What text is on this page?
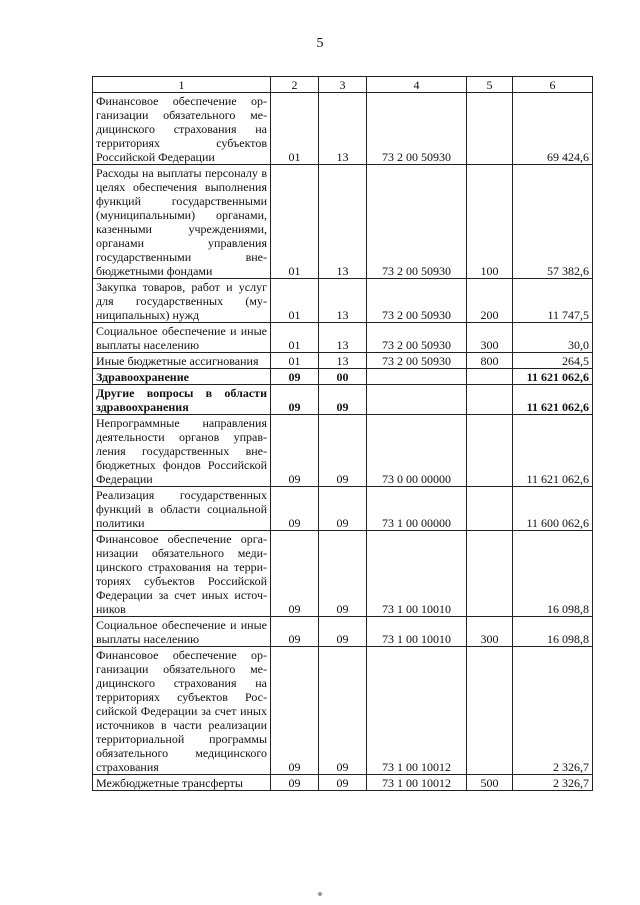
5
1	2	3	4	5	6
Финансовое обеспечение организации обязательного медицинского страхования на территориях субъектов Российской Федерации	01	13	73 2 00 50930		69 424,6
Расходы на выплаты персоналу в целях обеспечения выполнения функций государственными (муниципальными) органами, казенными учреждениями, органами управления государственными внебюджетными фондами	01	13	73 2 00 50930	100	57 382,6
Закупка товаров, работ и услуг для государственных (муниципальных) нужд	01	13	73 2 00 50930	200	11 747,5
Социальное обеспечение и иные выплаты населению	01	13	73 2 00 50930	300	30,0
Иные бюджетные ассигнования	01	13	73 2 00 50930	800	264,5
Здравоохранение	09	00			11 621 062,6
Другие вопросы в области здравоохранения	09	09			11 621 062,6
Непрограммные направления деятельности органов управления государственных внебюджетных фондов Российской Федерации	09	09	73 0 00 00000		11 621 062,6
Реализация государственных функций в области социальной политики	09	09	73 1 00 00000		11 600 062,6
Финансовое обеспечение организации обязательного медицинского страхования на территориях субъектов Российской Федерации за счет иных источников	09	09	73 1 00 10010		16 098,8
Социальное обеспечение и иные выплаты населению	09	09	73 1 00 10010	300	16 098,8
Финансовое обеспечение организации обязательного медицинского страхования на территориях субъектов Российской Федерации за счет иных источников в части реализации территориальной программы обязательного медицинского страхования	09	09	73 1 00 10012		2 326,7
Межбюджетные трансферты	09	09	73 1 00 10012	500	2 326,7
